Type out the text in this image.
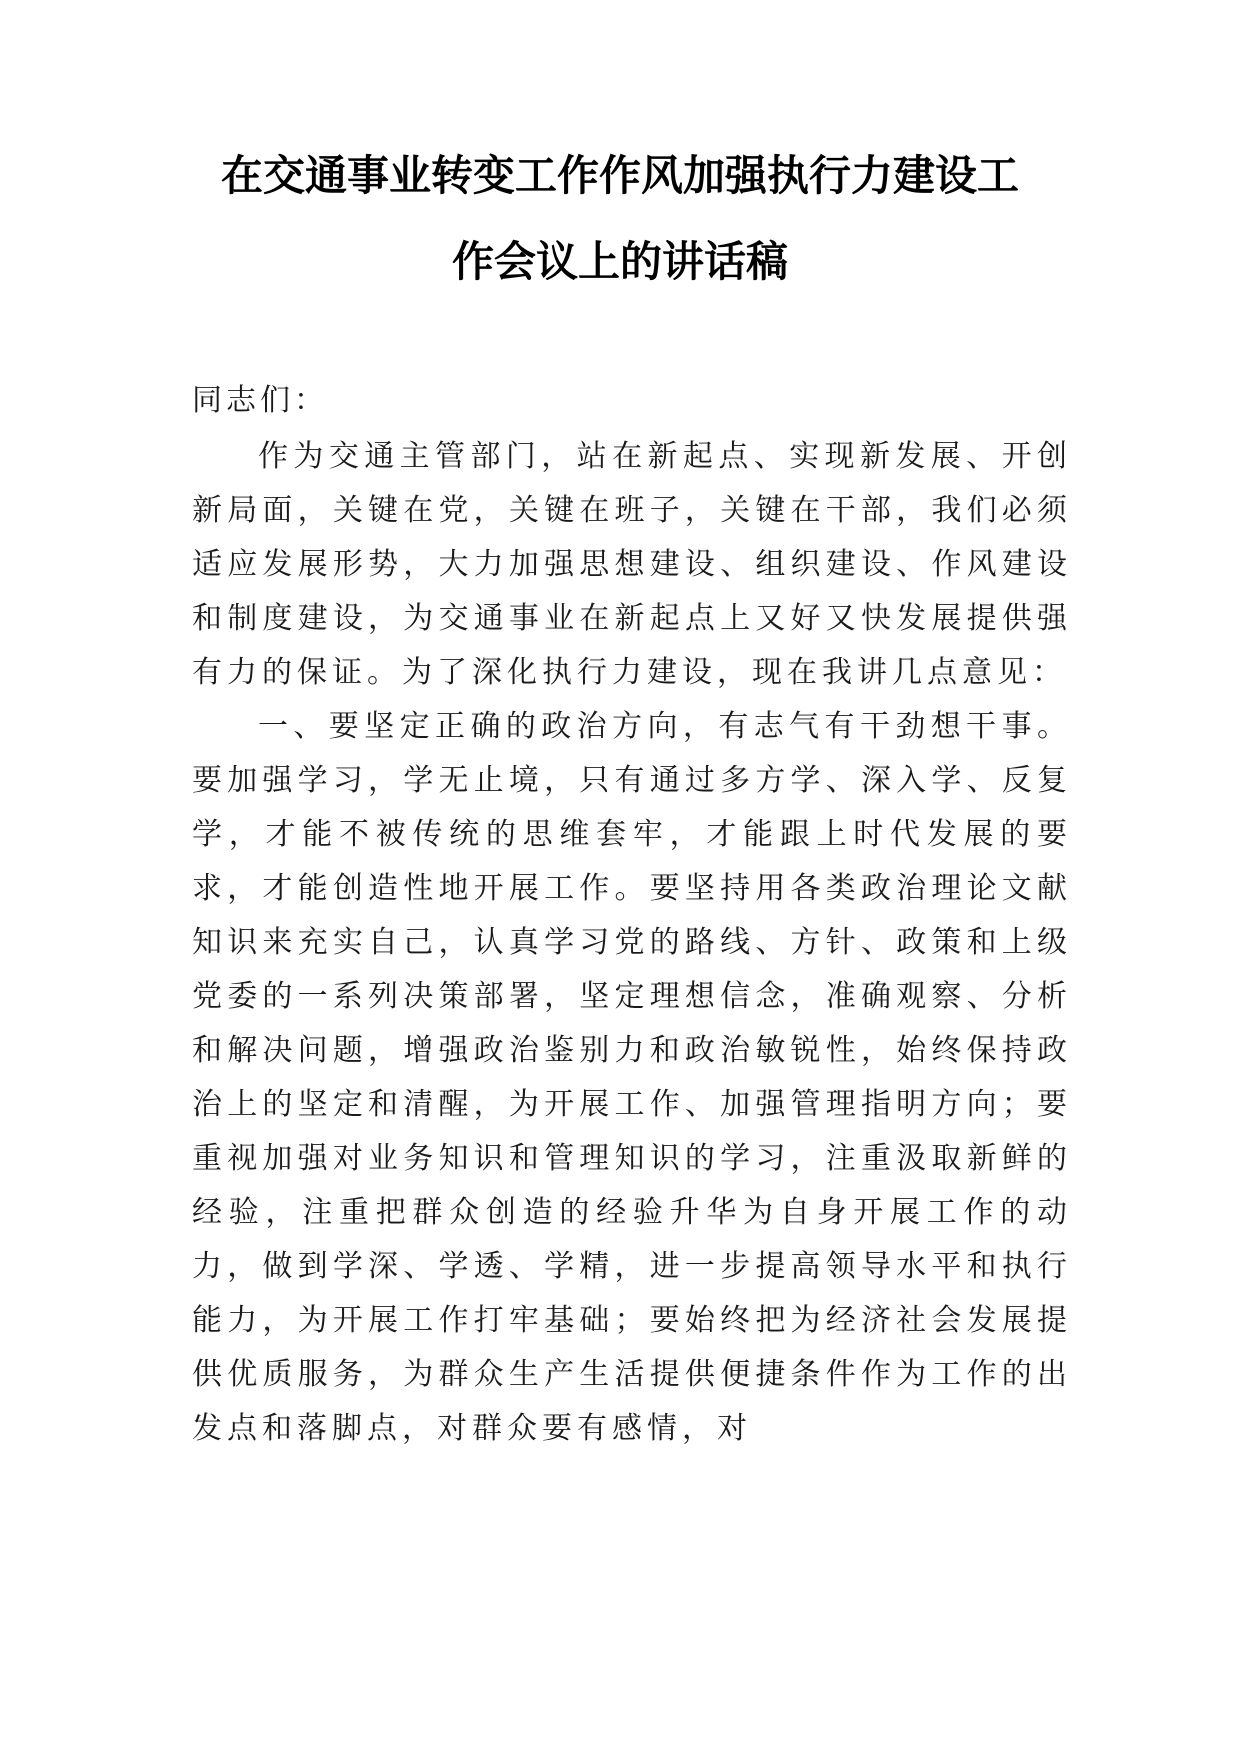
在交通事业转变工作作风加强执行力建设工
作会议上的讲话稿
同志们：

作为交通主管部门，站在新起点、实现新发展、开创新局面，关键在党，关键在班子，关键在干部，我们必须适应发展形势，大力加强思想建设、组织建设、作风建设和制度建设，为交通事业在新起点上又好又快发展提供强有力的保证。为了深化执行力建设，现在我讲几点意见：

一、要坚定正确的政治方向，有志气有干劲想干事。要加强学习，学无止境，只有通过多方学、深入学、反复学，才能不被传统的思维套牢，才能跟上时代发展的要求，才能创造性地开展工作。要坚持用各类政治理论文献知识来充实自己，认真学习党的路线、方针、政策和上级党委的一系列决策部署，坚定理想信念，准确观察、分析和解决问题，增强政治鉴别力和政治敏锐性，始终保持政治上的坚定和清醒，为开展工作、加强管理指明方向；要重视加强对业务知识和管理知识的学习，注重汲取新鲜的经验，注重把群众创造的经验升华为自身开展工作的动力，做到学深、学透、学精，进一步提高领导水平和执行能力，为开展工作打牢基础；要始终把为经济社会发展提供优质服务，为群众生产生活提供便捷条件作为工作的出发点和落脚点，对群众要有感情，对
